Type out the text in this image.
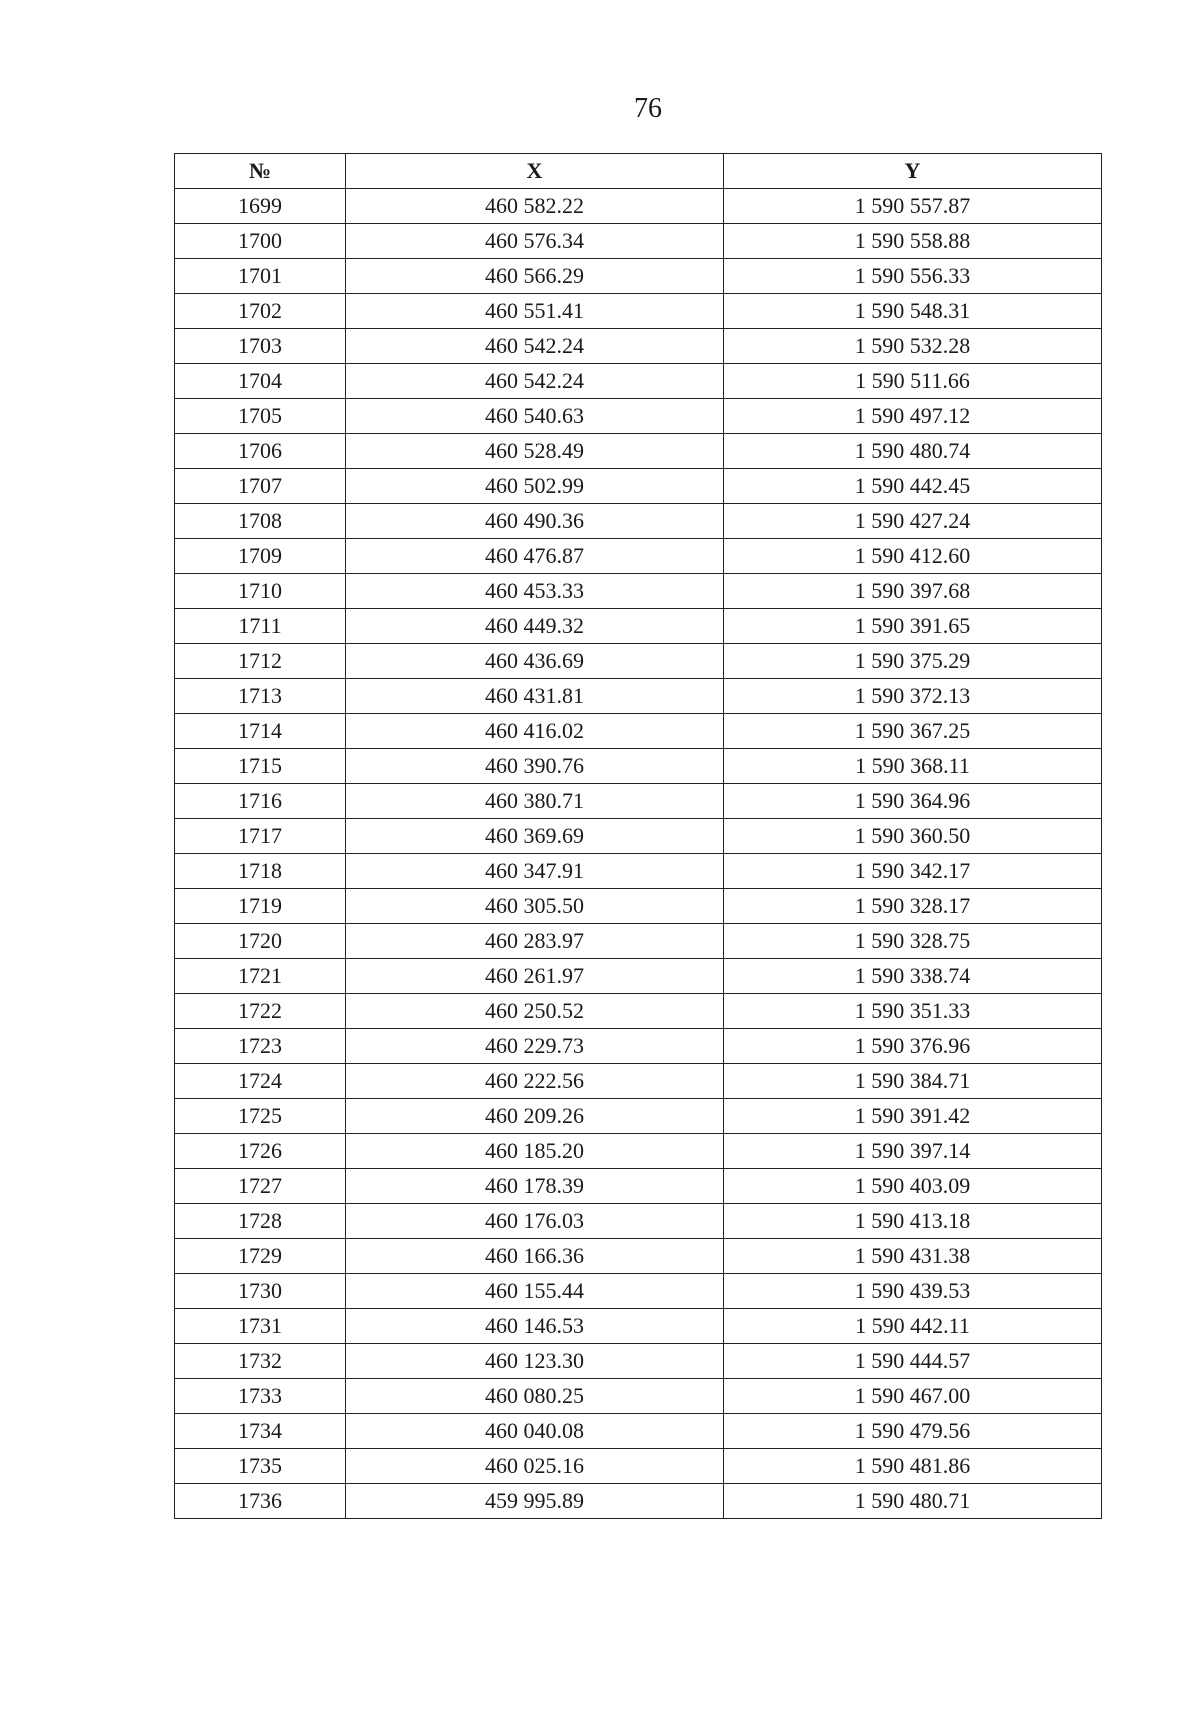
76
№	X	Y
1699	460 582.22	1 590 557.87
1700	460 576.34	1 590 558.88
1701	460 566.29	1 590 556.33
1702	460 551.41	1 590 548.31
1703	460 542.24	1 590 532.28
1704	460 542.24	1 590 511.66
1705	460 540.63	1 590 497.12
1706	460 528.49	1 590 480.74
1707	460 502.99	1 590 442.45
1708	460 490.36	1 590 427.24
1709	460 476.87	1 590 412.60
1710	460 453.33	1 590 397.68
1711	460 449.32	1 590 391.65
1712	460 436.69	1 590 375.29
1713	460 431.81	1 590 372.13
1714	460 416.02	1 590 367.25
1715	460 390.76	1 590 368.11
1716	460 380.71	1 590 364.96
1717	460 369.69	1 590 360.50
1718	460 347.91	1 590 342.17
1719	460 305.50	1 590 328.17
1720	460 283.97	1 590 328.75
1721	460 261.97	1 590 338.74
1722	460 250.52	1 590 351.33
1723	460 229.73	1 590 376.96
1724	460 222.56	1 590 384.71
1725	460 209.26	1 590 391.42
1726	460 185.20	1 590 397.14
1727	460 178.39	1 590 403.09
1728	460 176.03	1 590 413.18
1729	460 166.36	1 590 431.38
1730	460 155.44	1 590 439.53
1731	460 146.53	1 590 442.11
1732	460 123.30	1 590 444.57
1733	460 080.25	1 590 467.00
1734	460 040.08	1 590 479.56
1735	460 025.16	1 590 481.86
1736	459 995.89	1 590 480.71
